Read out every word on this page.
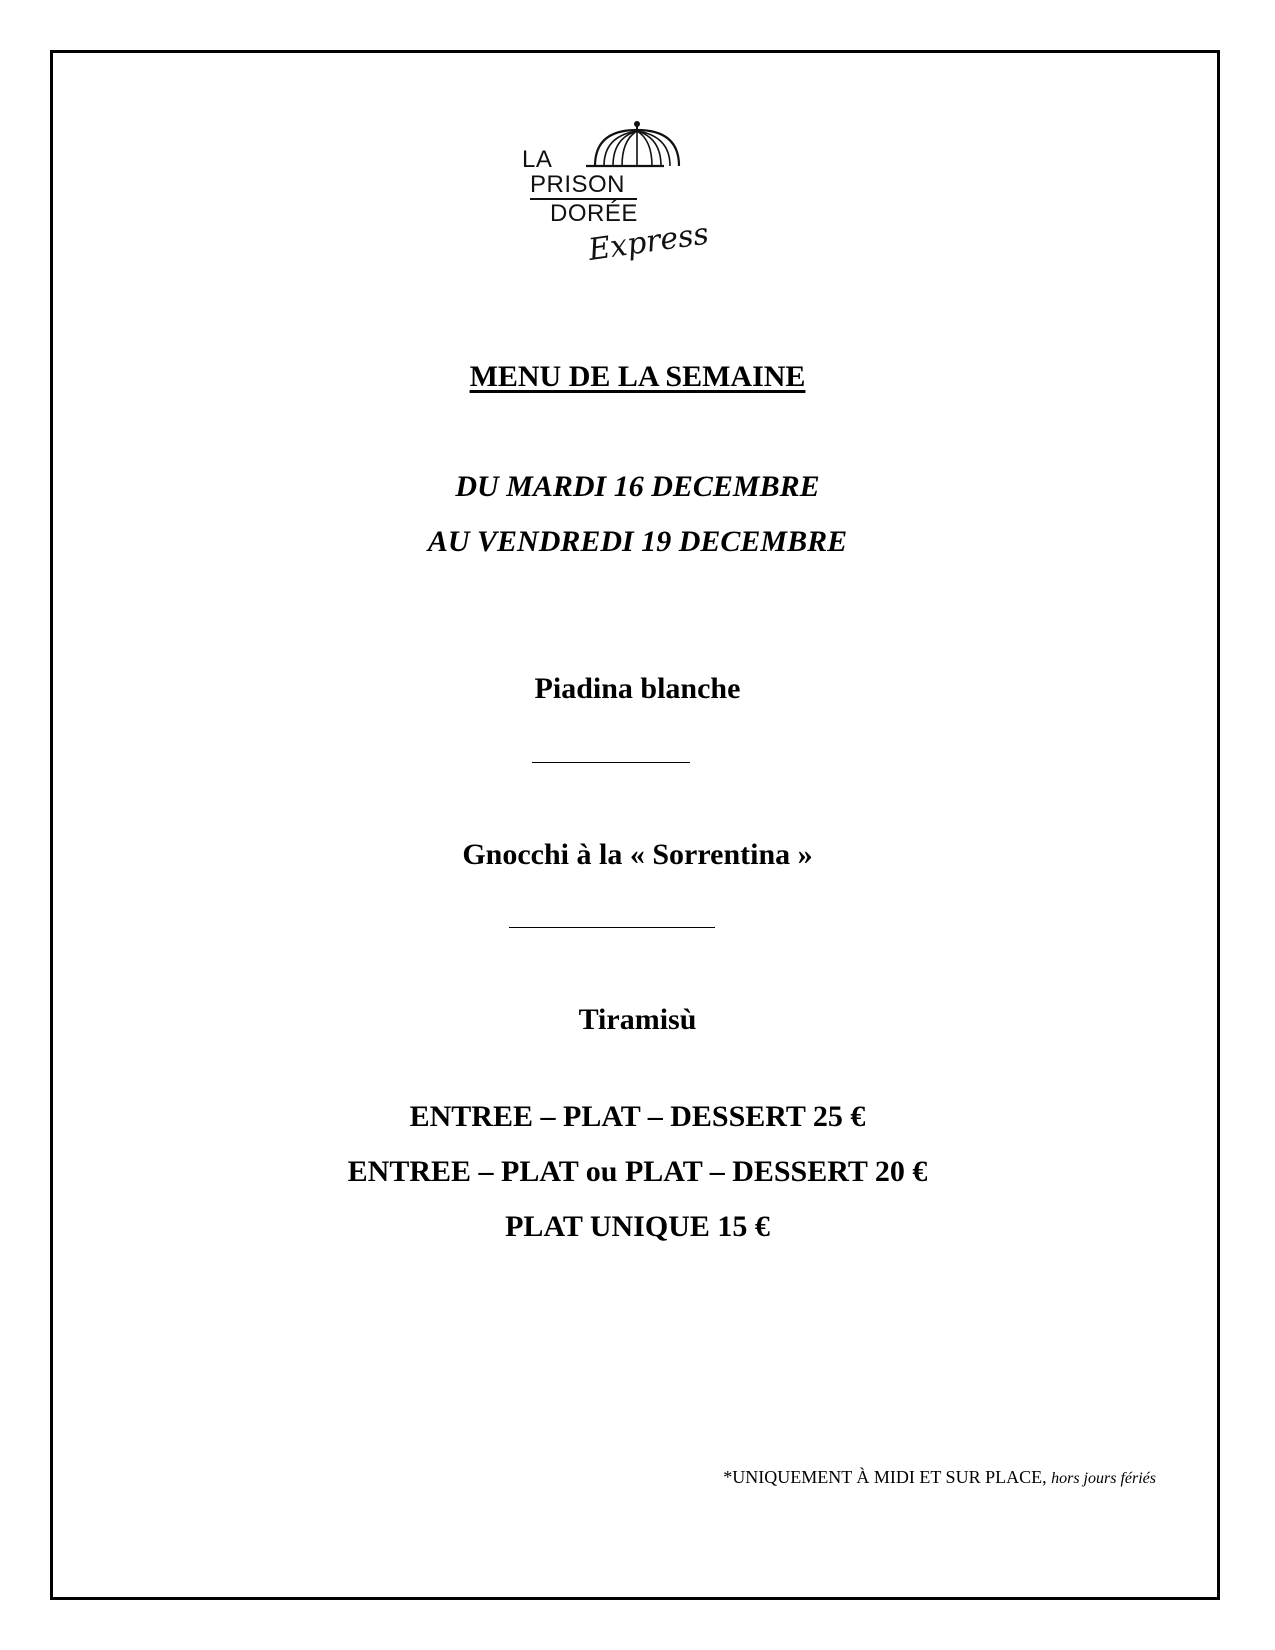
LA
PRISON
DORÉE
Express
MENU DE LA SEMAINE
DU MARDI 16 DECEMBRE
AU VENDREDI 19 DECEMBRE
Piadina blanche
Gnocchi à la « Sorrentina »
Tiramisù
ENTREE – PLAT – DESSERT 25 €
ENTREE – PLAT ou PLAT – DESSERT 20 €
PLAT UNIQUE 15 €
*UNIQUEMENT À MIDI ET SUR PLACE, hors jours fériés
